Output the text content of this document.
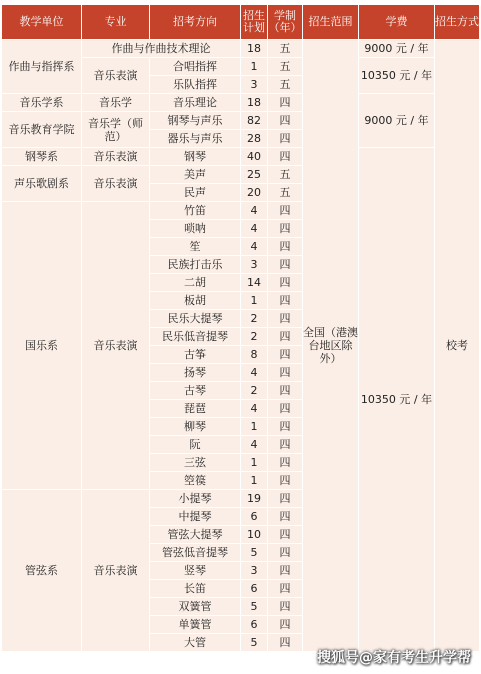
教学单位	专业	招考方向	招生计划	学制（年）	招生范围	学费	招生方式
作曲与指挥系	作曲与作曲技术理论		18	五	全国（港澳台地区除外）	9000 元 / 年	校考
	音乐表演	合唱指挥	1	五		10350 元 / 年	
		乐队指挥	3	五			
音乐学系	音乐学	音乐理论	18	四		9000 元 / 年	
音乐教育学院	音乐学（师范）	钢琴与声乐	82	四			
		器乐与声乐	28	四			
钢琴系	音乐表演	钢琴	40	四		10350 元 / 年	
声乐歌剧系	音乐表演	美声	25	五			
		民声	20	五			
国乐系	音乐表演	竹笛	4	四			
		唢呐	4	四			
		笙	4	四			
		民族打击乐	3	四			
		二胡	14	四			
		板胡	1	四			
		民乐大提琴	2	四			
		民乐低音提琴	2	四			
		古筝	8	四			
		扬琴	4	四			
		古琴	2	四			
		琵琶	4	四			
		柳琴	1	四			
		阮	4	四			
		三弦	1	四			
		箜篌	1	四			
管弦系	音乐表演	小提琴	19	四			
		中提琴	6	四			
		管弦大提琴	10	四			
		管弦低音提琴	5	四			
		竖琴	3	四			
		长笛	6	四			
		双簧管	5	四			
		单簧管	6	四			
		大管	5	四			
搜狐号@家有考生升学帮
